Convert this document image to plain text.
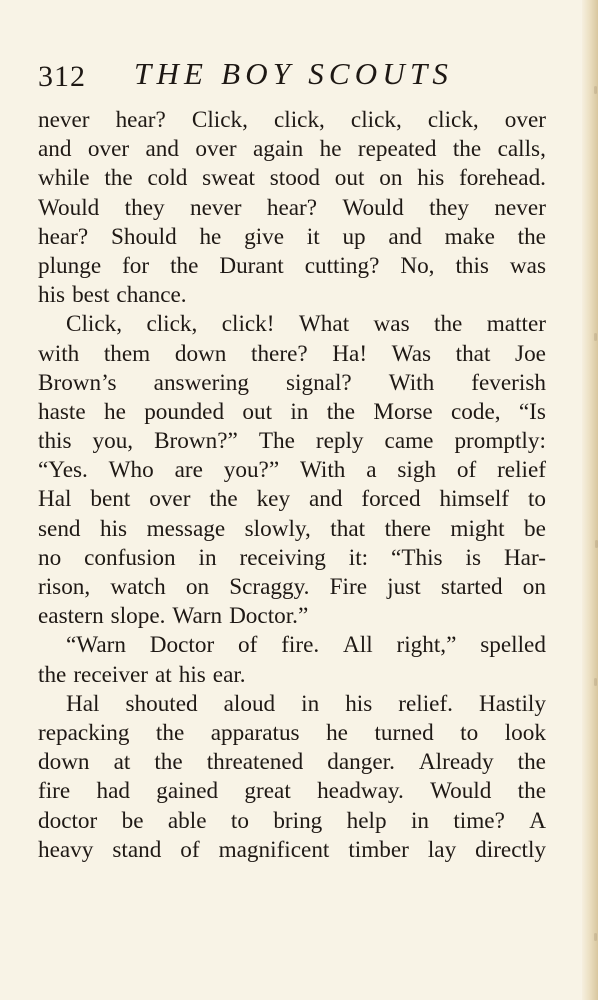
312 THE BOY SCOUTS
never hear? Click, click, click, click, over
and over and over again he repeated the calls,
while the cold sweat stood out on his forehead.
Would they never hear? Would they never
hear? Should he give it up and make the
plunge for the Durant cutting? No, this was
his best chance.
Click, click, click! What was the matter
with them down there? Ha! Was that Joe
Brown’s answering signal? With feverish
haste he pounded out in the Morse code, “Is
this you, Brown?” The reply came promptly:
“Yes. Who are you?” With a sigh of relief
Hal bent over the key and forced himself to
send his message slowly, that there might be
no confusion in receiving it: “This is Har-
rison, watch on Scraggy. Fire just started on
eastern slope. Warn Doctor.”
“Warn Doctor of fire. All right,” spelled
the receiver at his ear.
Hal shouted aloud in his relief. Hastily
repacking the apparatus he turned to look
down at the threatened danger. Already the
fire had gained great headway. Would the
doctor be able to bring help in time? A
heavy stand of magnificent timber lay directly
